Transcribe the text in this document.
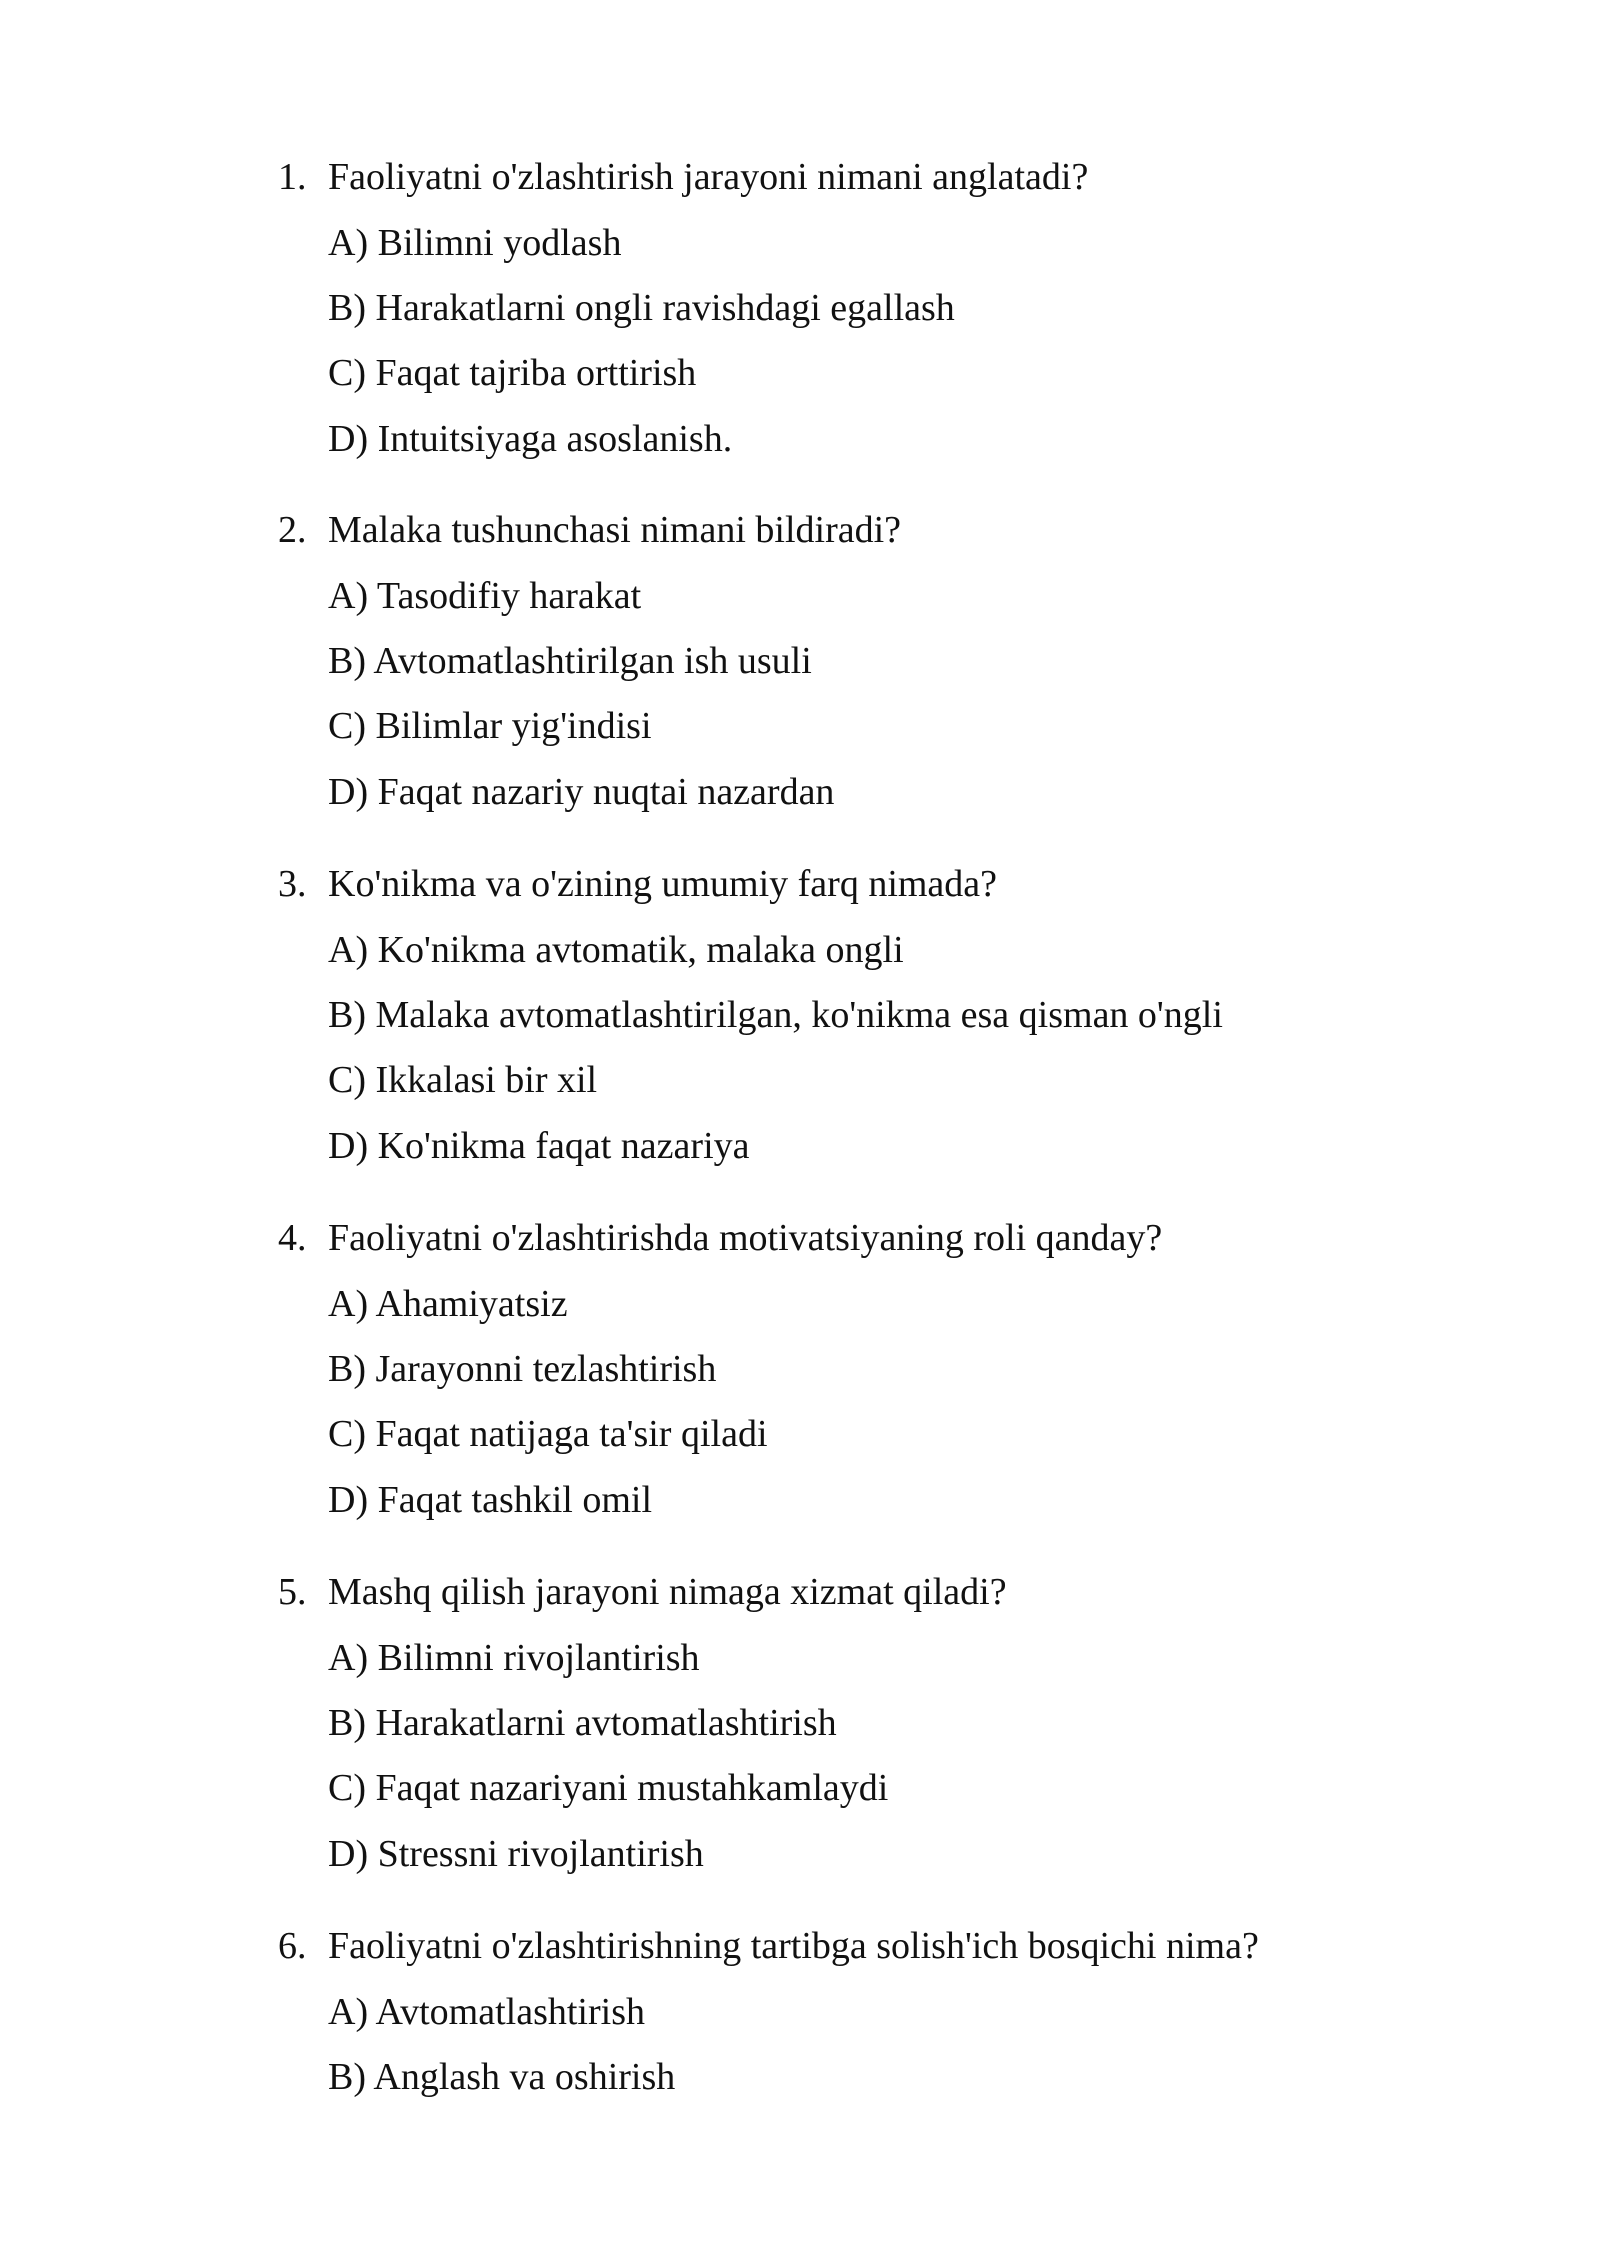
1. Faoliyatni o'zlashtirish jarayoni nimani anglatadi?
A) Bilimni yodlash
B) Harakatlarni ongli ravishdagi egallash
C) Faqat tajriba orttirish
D) Intuitsiyaga asoslanish.
2. Malaka tushunchasi nimani bildiradi?
A) Tasodifiy harakat
B) Avtomatlashtirilgan ish usuli
C) Bilimlar yig'indisi
D) Faqat nazariy nuqtai nazardan
3. Ko'nikma va o'zining umumiy farq nimada?
A) Ko'nikma avtomatik, malaka ongli
B) Malaka avtomatlashtirilgan, ko'nikma esa qisman o'ngli
C) Ikkalasi bir xil
D) Ko'nikma faqat nazariya
4. Faoliyatni o'zlashtirishda motivatsiyaning roli qanday?
A) Ahamiyatsiz
B) Jarayonni tezlashtirish
C) Faqat natijaga ta'sir qiladi
D) Faqat tashkil omil
5. Mashq qilish jarayoni nimaga xizmat qiladi?
A) Bilimni rivojlantirish
B) Harakatlarni avtomatlashtirish
C) Faqat nazariyani mustahkamlaydi
D) Stressni rivojlantirish
6. Faoliyatni o'zlashtirishning tartibga solish'ich bosqichi nima?
A) Avtomatlashtirish
B) Anglash va oshirish
